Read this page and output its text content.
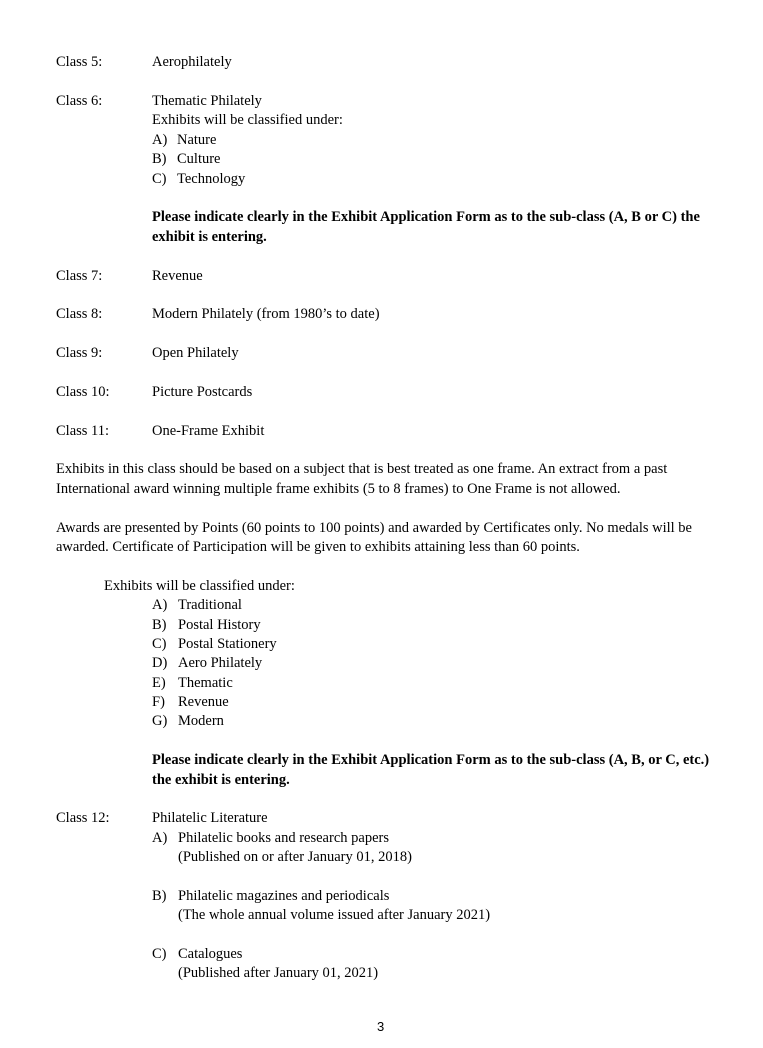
Class 5:	Aerophilately
Class 6:	Thematic Philately
Exhibits will be classified under:
A) Nature
B) Culture
C) Technology
Please indicate clearly in the Exhibit Application Form as to the sub-class (A, B or C) the
exhibit is entering.
Class 7:	Revenue
Class 8:	Modern Philately (from 1980’s to date)
Class 9:	Open Philately
Class 10:	Picture Postcards
Class 11:	One-Frame Exhibit
Exhibits in this class should be based on a subject that is best treated as one frame. An extract from a past
International award winning multiple frame exhibits (5 to 8 frames) to One Frame is not allowed.
Awards are presented by Points (60 points to 100 points) and awarded by Certificates only. No medals will be
awarded. Certificate of Participation will be given to exhibits attaining less than 60 points.
Exhibits will be classified under:
A) Traditional
B) Postal History
C) Postal Stationery
D) Aero Philately
E) Thematic
F) Revenue
G) Modern
Please indicate clearly in the Exhibit Application Form as to the sub-class (A, B, or C, etc.)
the exhibit is entering.
Class 12:	Philatelic Literature
A) Philatelic books and research papers
(Published on or after January 01, 2018)
B) Philatelic magazines and periodicals
(The whole annual volume issued after January 2021)
C) Catalogues
(Published after January 01, 2021)
3
